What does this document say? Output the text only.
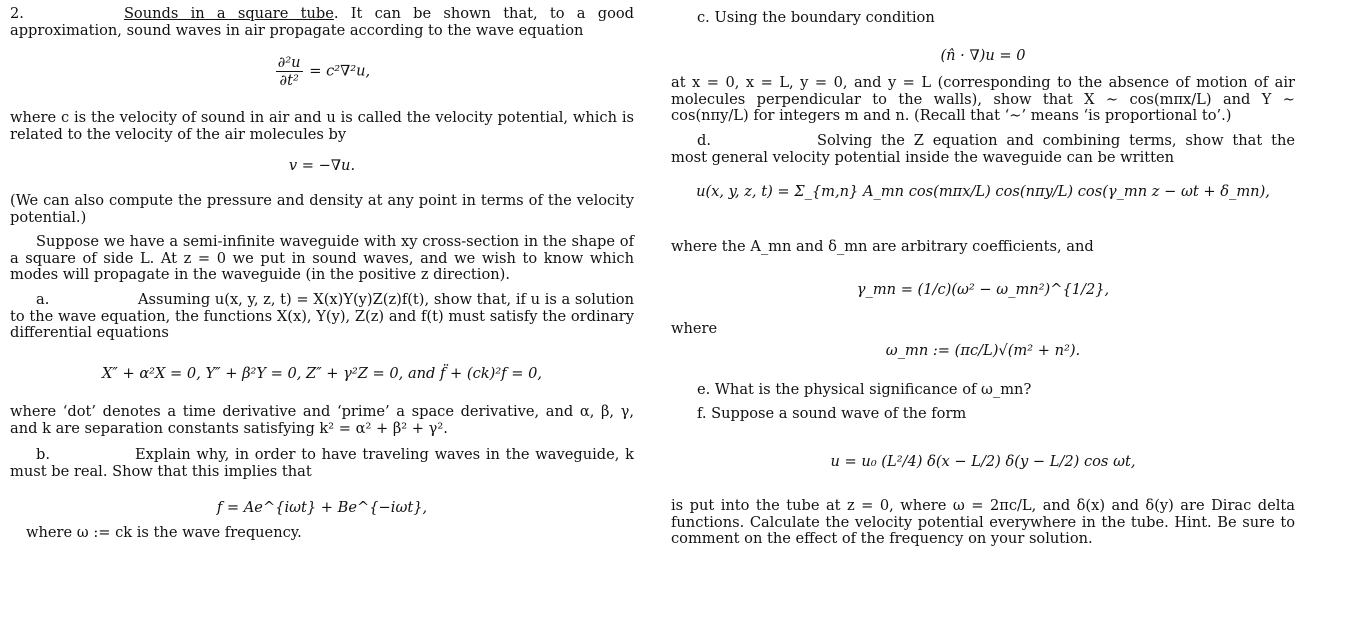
2.	Sounds in a square tube. It can be shown that, to a good approximation, sound waves in air propagate according to the wave equation

$\frac{\text{∂²u}}{\text{∂t²}} = c^2\nabla^2u$,

where c is the velocity of sound in air and u is called the velocity potential, which is related to the velocity of the air molecules by

v = −∇u.

(We can also compute the pressure and density at any point in terms of the velocity potential.)

Suppose we have a semi-infinite waveguide with xy cross-section in the shape of a square of side L. At z = 0 we put in sound waves, and we wish to know which modes will propagate in the waveguide (in the positive z direction).

a.	Assuming u(x, y, z, t) = X(x)Y(y)Z(z)f(t), show that, if u is a solution to the wave equation, the functions X(x), Y(y), Z(z) and f(t) must satisfy the ordinary differential equations

X″ + α²X = 0, Y″ + β²Y = 0, Z″ + γ²Z = 0, and f̈ + (ck)²f = 0,

where ‘dot’ denotes a time derivative and ‘prime’ a space derivative, and α, β, γ, and k are separation constants satisfying k² = α² + β² + γ².

b.	Explain why, in order to have traveling waves in the waveguide, k must be real. Show that this implies that

f = Ae^{iωt} + Be^{−iωt},

where ω := ck is the wave frequency.

c. Using the boundary condition

(n̂ · ∇)u = 0

at x = 0, x = L, y = 0, and y = L (corresponding to the absence of motion of air molecules perpendicular to the walls), show that X ∼ cos(mπx/L) and Y ∼ cos(nπy/L) for integers m and n. (Recall that ‘∼’ means ‘is proportional to’.)

d.	Solving the Z equation and combining terms, show that the most general velocity potential inside the waveguide can be written

u(x, y, z, t) = Σ_{m,n} A_mn cos(mπx/L) cos(nπy/L) cos(γ_mn z − ωt + δ_mn),

where the A_mn and δ_mn are arbitrary coefficients, and

γ_mn = (1/c)(ω² − ω_mn²)^{1/2},

where

ω_mn := (πc/L)√(m² + n²).

e. What is the physical significance of ω_mn?

f. Suppose a sound wave of the form

u = u₀ (L²/4) δ(x − L/2) δ(y − L/2) cos ωt,

is put into the tube at z = 0, where ω = 2πc/L, and δ(x) and δ(y) are Dirac delta functions. Calculate the velocity potential everywhere in the tube. Hint. Be sure to comment on the effect of the frequency on your solution.
